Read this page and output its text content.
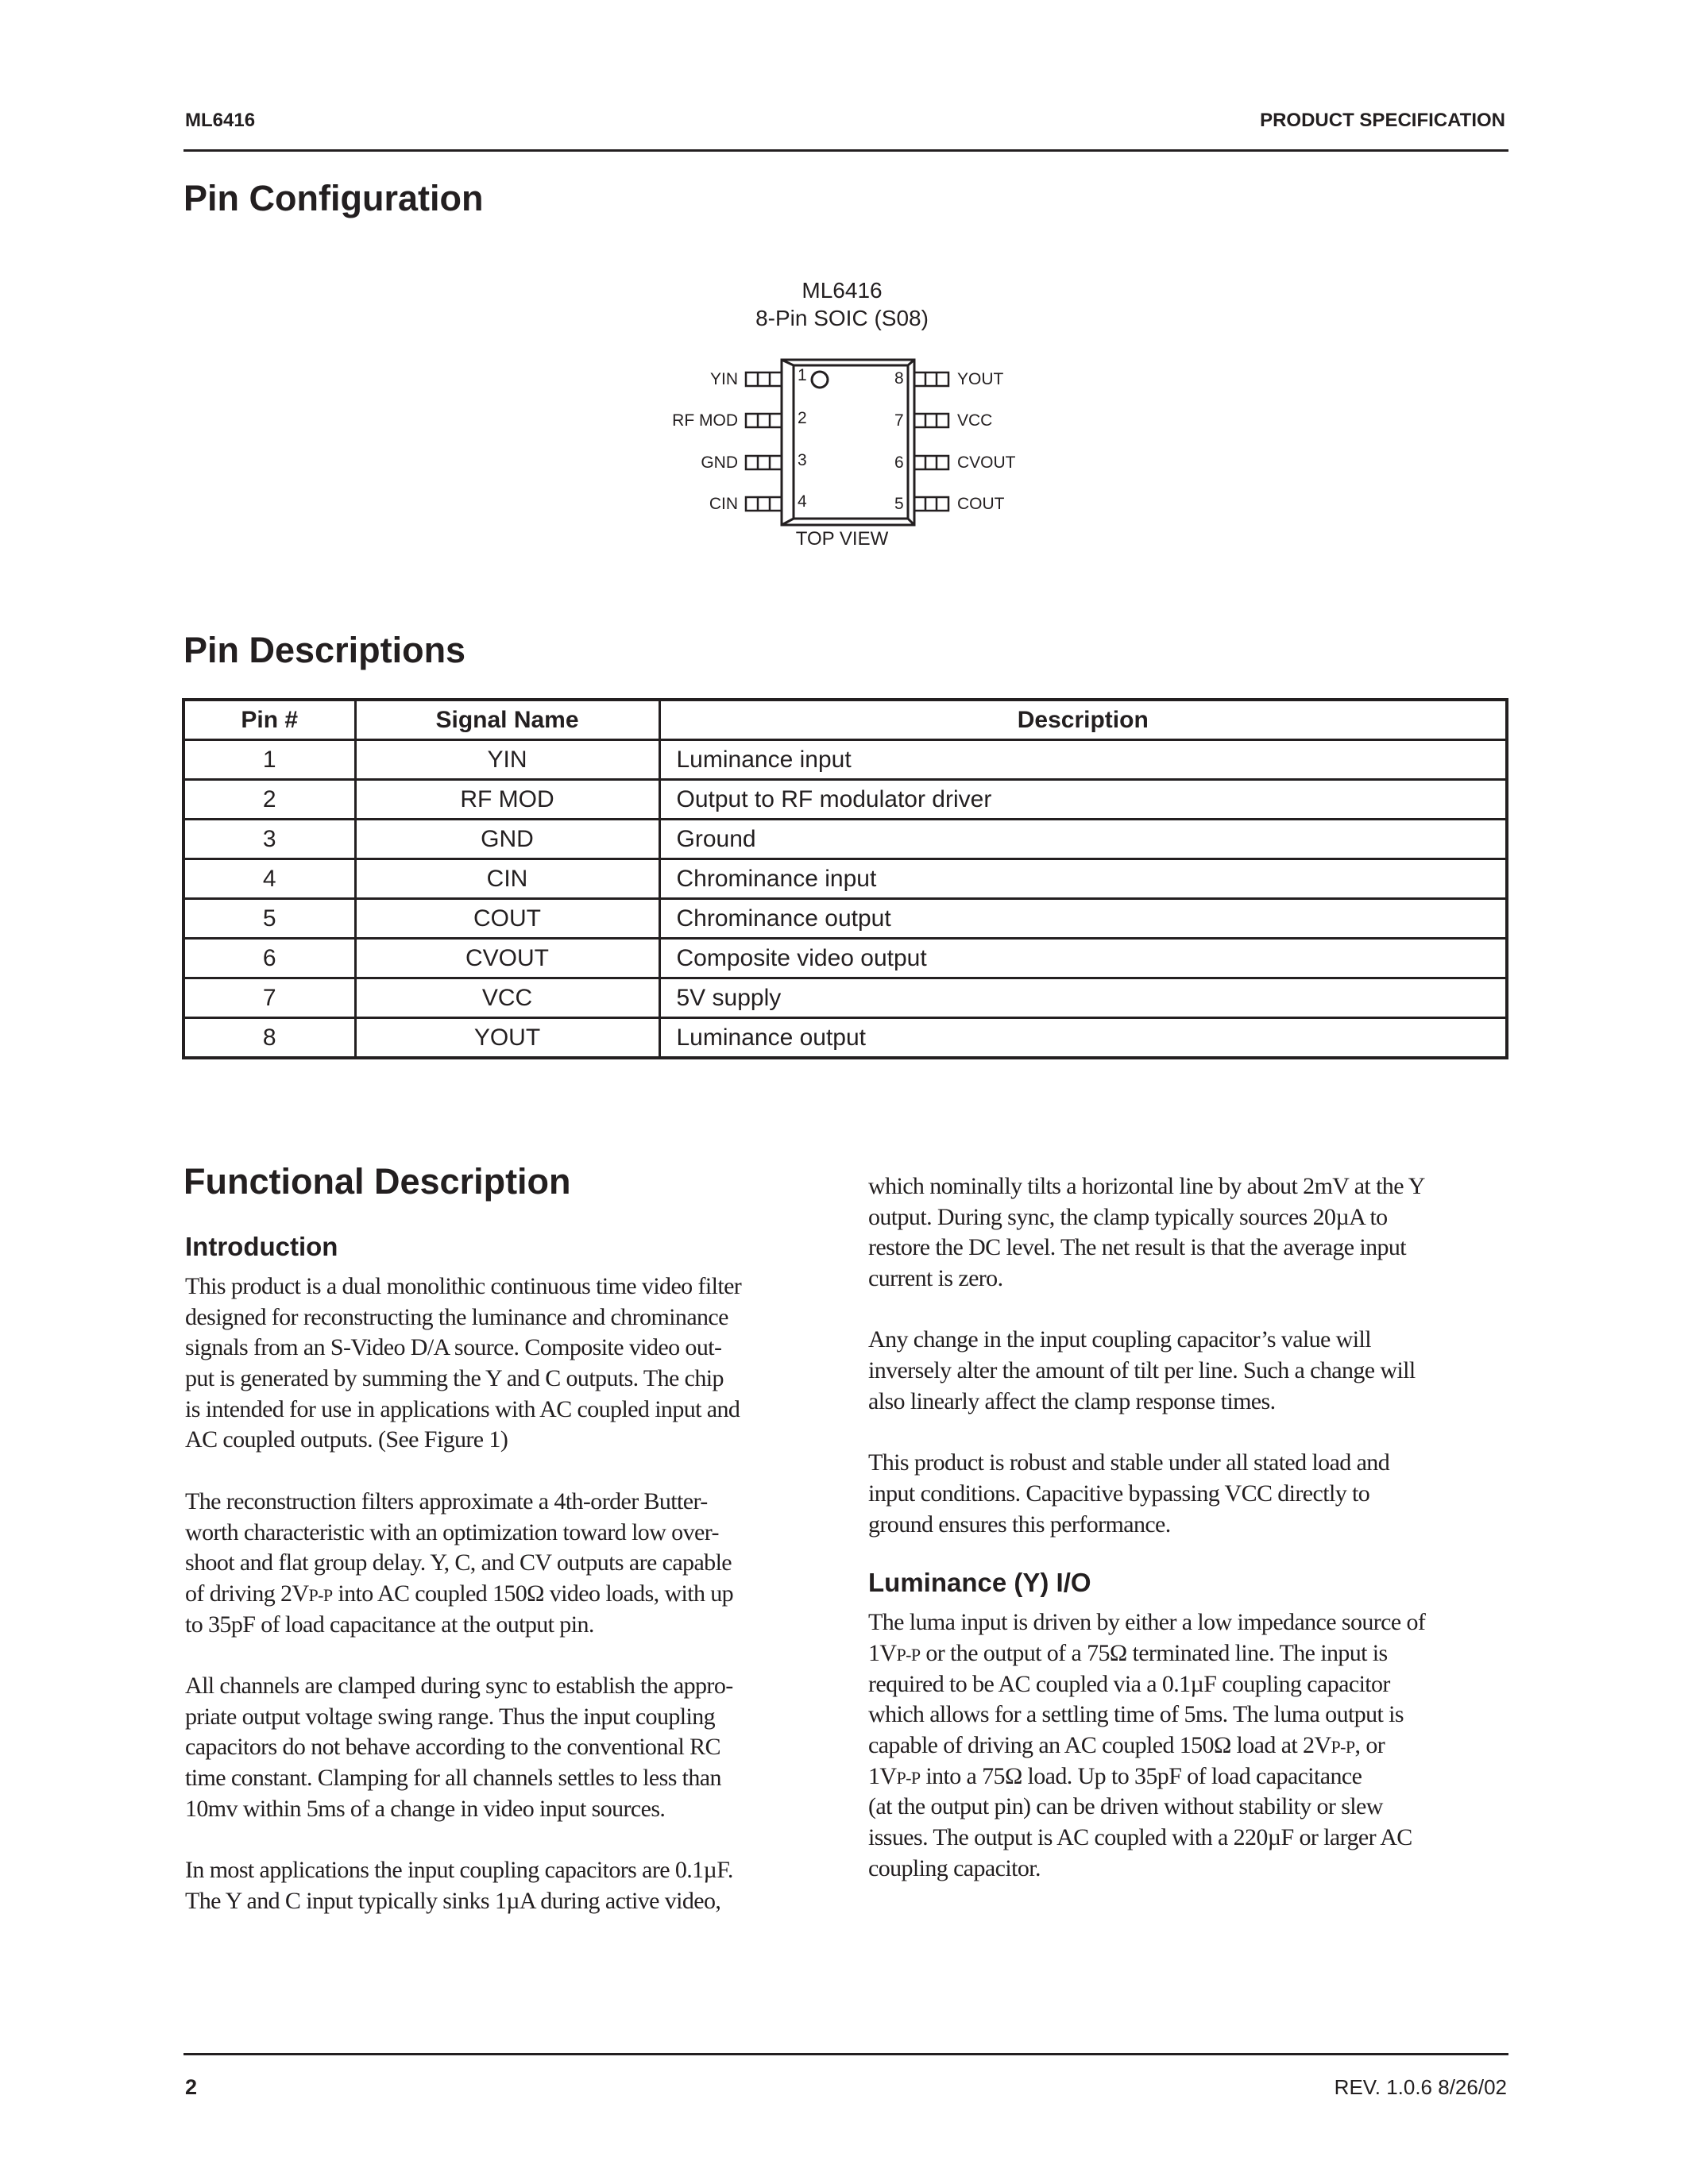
ML6416	PRODUCT SPECIFICATION
Pin Configuration
ML6416
8-Pin SOIC (S08)
YIN
RF MOD
GND
CIN
1
2
3
4
8
7
6
5
YOUT
VCC
CVOUT
COUT
TOP VIEW
Pin Descriptions
Pin #	Signal Name	Description
1	YIN	Luminance input
2	RF MOD	Output to RF modulator driver
3	GND	Ground
4	CIN	Chrominance input
5	COUT	Chrominance output
6	CVOUT	Composite video output
7	VCC	5V supply
8	YOUT	Luminance output
Functional Description
Introduction
This product is a dual monolithic continuous time video filter
designed for reconstructing the luminance and chrominance
signals from an S-Video D/A source. Composite video out-
put is generated by summing the Y and C outputs. The chip
is intended for use in applications with AC coupled input and
AC coupled outputs. (See Figure 1)
The reconstruction filters approximate a 4th-order Butter-
worth characteristic with an optimization toward low over-
shoot and flat group delay. Y, C, and CV outputs are capable
of driving 2VP-P into AC coupled 150Ω video loads, with up
to 35pF of load capacitance at the output pin.
All channels are clamped during sync to establish the appro-
priate output voltage swing range. Thus the input coupling
capacitors do not behave according to the conventional RC
time constant. Clamping for all channels settles to less than
10mv within 5ms of a change in video input sources.
In most applications the input coupling capacitors are 0.1µF.
The Y and C input typically sinks 1µA during active video,
which nominally tilts a horizontal line by about 2mV at the Y
output. During sync, the clamp typically sources 20µA to
restore the DC level. The net result is that the average input
current is zero.
Any change in the input coupling capacitor’s value will
inversely alter the amount of tilt per line. Such a change will
also linearly affect the clamp response times.
This product is robust and stable under all stated load and
input conditions. Capacitive bypassing VCC directly to
ground ensures this performance.
Luminance (Y) I/O
The luma input is driven by either a low impedance source of
1VP-P or the output of a 75Ω terminated line. The input is
required to be AC coupled via a 0.1µF coupling capacitor
which allows for a settling time of 5ms. The luma output is
capable of driving an AC coupled 150Ω load at 2VP-P, or
1VP-P into a 75Ω load. Up to 35pF of load capacitance
(at the output pin) can be driven without stability or slew
issues. The output is AC coupled with a 220µF or larger AC
coupling capacitor.
2	REV. 1.0.6 8/26/02
